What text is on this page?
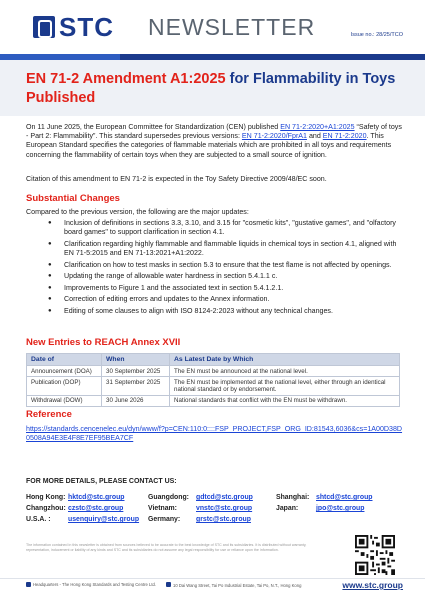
STC NEWSLETTER	Issue no.: 28/25/TCO
EN 71-2 Amendment A1:2025 for Flammability in Toys Published

On 11 June 2025, the European Committee for Standardization (CEN) published EN 71-2:2020+A1:2025 “Safety of toys - Part 2: Flammability”. This standard supersedes previous versions: EN 71-2:2020/FprA1 and EN 71-2:2020. This European Standard specifies the categories of flammable materials which are prohibited in all toys and requirements concerning the flammability of certain toys when they are subjected to a small source of ignition.

Citation of this amendment to EN 71-2 is expected in the Toy Safety Directive 2009/48/EC soon.

Substantial Changes

Compared to the previous version, the following are the major updates:

● Inclusion of definitions in sections 3.3, 3.10, and 3.15 for "cosmetic kits", "gustative games", and "olfactory board games" to support clarification in section 4.1.
● Clarification regarding highly flammable and flammable liquids in chemical toys in section 4.1, aligned with EN 71-5:2015 and EN 71-13:2021+A1:2022.
● Clarification on how to test masks in section 5.3 to ensure that the test flame is not affected by openings.
● Updating the range of allowable water hardness in section 5.4.1.1 c.
● Improvements to Figure 1 and the associated text in section 5.4.1.2.1.
● Correction of editing errors and updates to the Annex information.
● Editing of some clauses to align with ISO 8124-2:2023 without any technical changes.
New Entries to REACH Annex XVII
Date of	When	As Latest Date by Which
Announcement (DOA)	30 September 2025	The EN must be announced at the national level.
Publication (DOP)	31 September 2025	The EN must be implemented at the national level, either through an identical national standard or by endorsement.
Withdrawal (DOW)	30 June 2026	National standards that conflict with the EN must be withdrawn.
Reference
https://standards.cencenelec.eu/dyn/www/f?p=CEN:110:0::::FSP_PROJECT,FSP_ORG_ID:81543,6036&cs=1A00D38D0508A94E3E4F8E7EF95BEA7CF
FOR MORE DETAILS, PLEASE CONTACT US:
Hong Kong: hktcd@stc.group	Guangdong:	gdtcd@stc.group	Shanghai: shtcd@stc.group
Changzhou: czstc@stc.group	Vietnam:	vnstc@stc.group	Japan:	jpo@stc.group
U.S.A. :	usenquiry@stc.group	Germany:	grstc@stc.group

The information contained in this newsletter is obtained from sources believed to be accurate to the best knowledge of STC and its subsidiaries. It is distributed without warranty, representation, inducement or liability of any kinds and STC and its subsidiaries do not assume any legal responsibility for use or reliance upon the information.

Headquarters - The Hong Kong Standards and Testing Centre Ltd.	10 Dai Wang Street, Tai Po Industrial Estate, Tai Po, N.T., Hong Kong	www.stc.group
